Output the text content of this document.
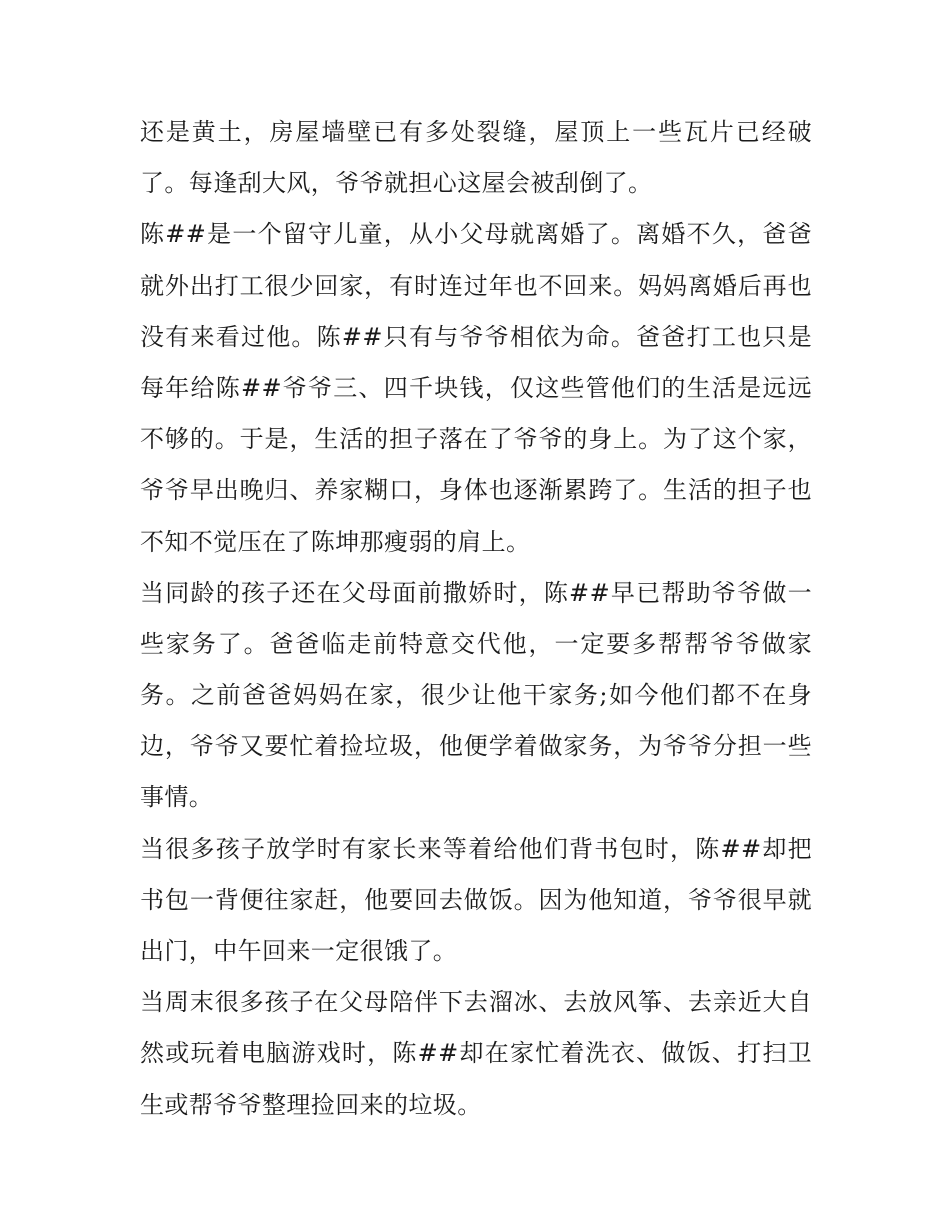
还是黄土，房屋墙壁已有多处裂缝，屋顶上一些瓦片已经破
了。每逢刮大风，爷爷就担心这屋会被刮倒了。
陈##是一个留守儿童，从小父母就离婚了。离婚不久，爸爸
就外出打工很少回家，有时连过年也不回来。妈妈离婚后再也
没有来看过他。陈##只有与爷爷相依为命。爸爸打工也只是
每年给陈##爷爷三、四千块钱，仅这些管他们的生活是远远
不够的。于是，生活的担子落在了爷爷的身上。为了这个家，
爷爷早出晚归、养家糊口，身体也逐渐累跨了。生活的担子也
不知不觉压在了陈坤那瘦弱的肩上。
当同龄的孩子还在父母面前撒娇时，陈##早已帮助爷爷做一
些家务了。爸爸临走前特意交代他，一定要多帮帮爷爷做家
务。之前爸爸妈妈在家，很少让他干家务;如今他们都不在身
边，爷爷又要忙着捡垃圾，他便学着做家务，为爷爷分担一些
事情。
当很多孩子放学时有家长来等着给他们背书包时，陈##却把
书包一背便往家赶，他要回去做饭。因为他知道，爷爷很早就
出门，中午回来一定很饿了。
当周末很多孩子在父母陪伴下去溜冰、去放风筝、去亲近大自
然或玩着电脑游戏时，陈##却在家忙着洗衣、做饭、打扫卫
生或帮爷爷整理捡回来的垃圾。
